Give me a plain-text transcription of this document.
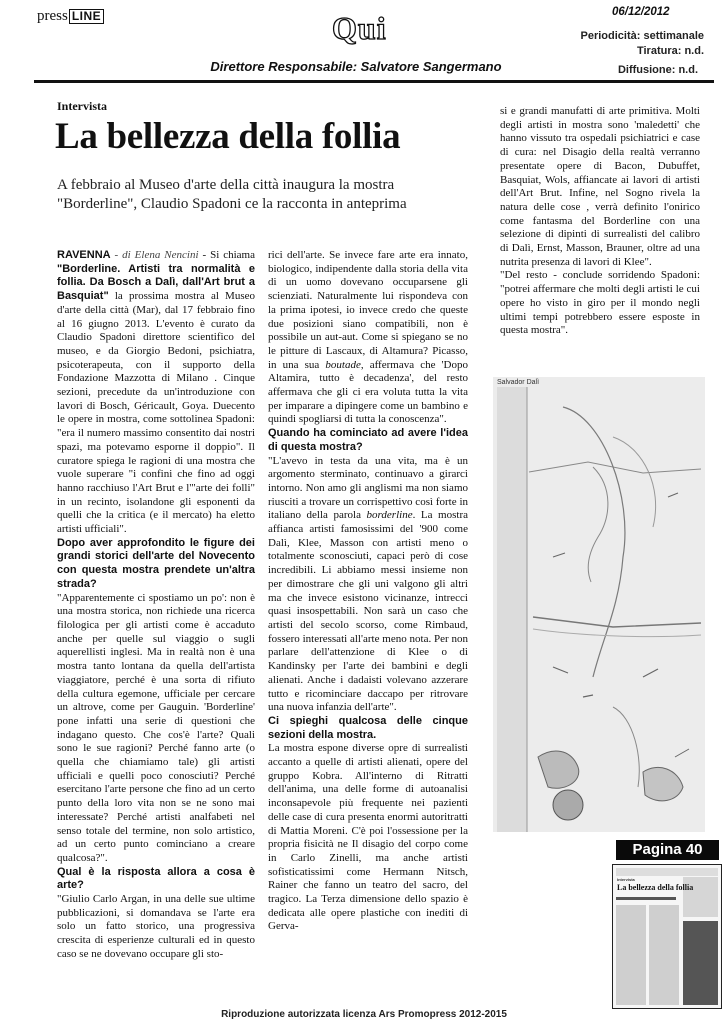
press LINE	Qui	06/12/2012
Periodicità: settimanale
Tiratura: n.d.
Diffusione: n.d.
Direttore Responsabile: Salvatore Sangermano
Intervista
La bellezza della follia
A febbraio al Museo d'arte della città inaugura la mostra "Borderline", Claudio Spadoni ce la racconta in anteprima

RAVENNA - di Elena Nencini - Si chiama "Borderline. Artisti tra normalità e follia. Da Bosch a Dalì, dall'Art brut a Basquiat" la prossima mostra al Museo d'arte della città (Mar), dal 17 febbraio fino al 16 giugno 2013. L'evento è curato da Claudio Spadoni direttore scientifico del museo, e da Giorgio Bedoni, psichiatra, psicoterapeuta, con il supporto della Fondazione Mazzotta di Milano . Cinque sezioni, precedute da un'introduzione con lavori di Bosch, Géricault, Goya. Duecento le opere in mostra, come sottolinea Spadoni: "era il numero massimo consentito dai nostri spazi, ma potevamo esporne il doppio". Il curatore spiega le ragioni di una mostra che vuole superare "i confini che fino ad oggi hanno racchiuso l'Art Brut e l'"arte dei folli" in un recinto, isolandone gli esponenti da quelli che la critica (e il mercato) ha eletto artisti ufficiali".

Dopo aver approfondito le figure dei grandi storici dell'arte del Novecento con questa mostra prendete un'altra strada?

"Apparentemente ci spostiamo un po': non è una mostra storica, non richiede una ricerca filologica per gli artisti come è accaduto anche per quelle sul viaggio o sugli aquerellisti inglesi. Ma in realtà non è una mostra tanto lontana da quella dell'artista viaggiatore, perché è una sorta di rifiuto della cultura egemone, ufficiale per cercare un altrove, come per Gauguin. 'Borderline' pone infatti una serie di questioni che indagano questo. Che cos'è l'arte? Quali sono le sue ragioni? Perché fanno arte (o quella che chiamiamo tale) gli artisti ufficiali e quelli poco conosciuti? Perché esercitano l'arte persone che fino ad un certo punto della loro vita non se ne sono mai interessate? Perché artisti analfabeti nel senso totale del termine, non solo artistico, ad un certo punto cominciano a creare qualcosa?".

Qual è la risposta allora a cosa è arte?

"Giulio Carlo Argan, in una delle sue ultime pubblicazioni, si domandava se l'arte era solo un fatto storico, una progressiva crescita di esperienze culturali ed in questo caso se ne dovevano occupare gli sto-

rici dell'arte. Se invece fare arte era innato, biologico, indipendente dalla storia della vita di un uomo dovevano occuparsene gli scienziati. Naturalmente lui rispondeva con la prima ipotesi, io invece credo che queste due posizioni siano compatibili, non è possibile un aut-aut. Come si spiegano se no le pitture di Lascaux, di Altamura? Picasso, in una sua boutade, affermava che 'Dopo Altamira, tutto è decadenza', del resto affermava che gli ci era voluta tutta la vita per imparare a dipingere come un bambino e quindi spogliarsi di tutta la conoscenza".

Quando ha cominciato ad avere l'idea di questa mostra?

"L'avevo in testa da una vita, ma è un argomento sterminato, continuavo a girarci intorno. Non amo gli anglismi ma non siamo riusciti a trovare un corrispettivo così forte in italiano della parola borderline. La mostra affianca artisti famosissimi del '900 come Dalì, Klee, Masson con artisti meno o totalmente sconosciuti, capaci però di cose incredibili. Li abbiamo messi insieme non per dimostrare che gli uni valgono gli altri ma che invece esistono vicinanze, intrecci quasi insospettabili. Non sarà un caso che artisti del secolo scorso, come Rimbaud, fossero interessati all'arte meno nota. Per non parlare dell'attenzione di Klee o di Kandinsky per l'arte dei bambini e degli alienati. Anche i dadaisti volevano azzerare tutto e ricominciare daccapo per ritrovare una nuova infanzia dell'arte".

Ci spieghi qualcosa delle cinque sezioni della mostra.

La mostra espone diverse opre di surrealisti accanto a quelle di artisti alienati, opere del gruppo Kobra. All'interno di Ritratti dell'anima, una delle forme di autoanalisi inconsapevole più frequente nei pazienti delle case di cura presenta enormi autoritratti di Mattia Moreni. C'è poi l'ossessione per la propria fisicità ne Il disagio del corpo come in Carlo Zinelli, ma anche artisti sofisticatissimi come Hermann Nitsch, Rainer che fanno un teatro del sacro, del tragico. La Terza dimensione dello spazio è dedicata alle opere plastiche con inediti di Gerva-

si e grandi manufatti di arte primitiva. Molti degli artisti in mostra sono 'maledetti' che hanno vissuto tra ospedali psichiatrici e case di cura: nel Disagio della realtà verranno presentate opere di Bacon, Dubuffet, Basquiat, Wols, affiancate ai lavori di artisti dell'Art Brut. Infine, nel Sogno rivela la natura delle cose , verrà definito l'onirico come fantasma del Borderline con una selezione di dipinti di surrealisti del calibro di Dalì, Ernst, Masson, Brauner, oltre ad una nutrita presenza di lavori di Klee".

"Del resto - conclude sorridendo Spadoni: "potrei affermare che molti degli artisti le cui opere ho visto in giro per il mondo negli ultimi tempi potrebbero essere esposte in questa mostra".

Salvador Dalì
Pagina 40
Intervista
La bellezza della follia
Riproduzione autorizzata licenza Ars Promopress 2012-2015
